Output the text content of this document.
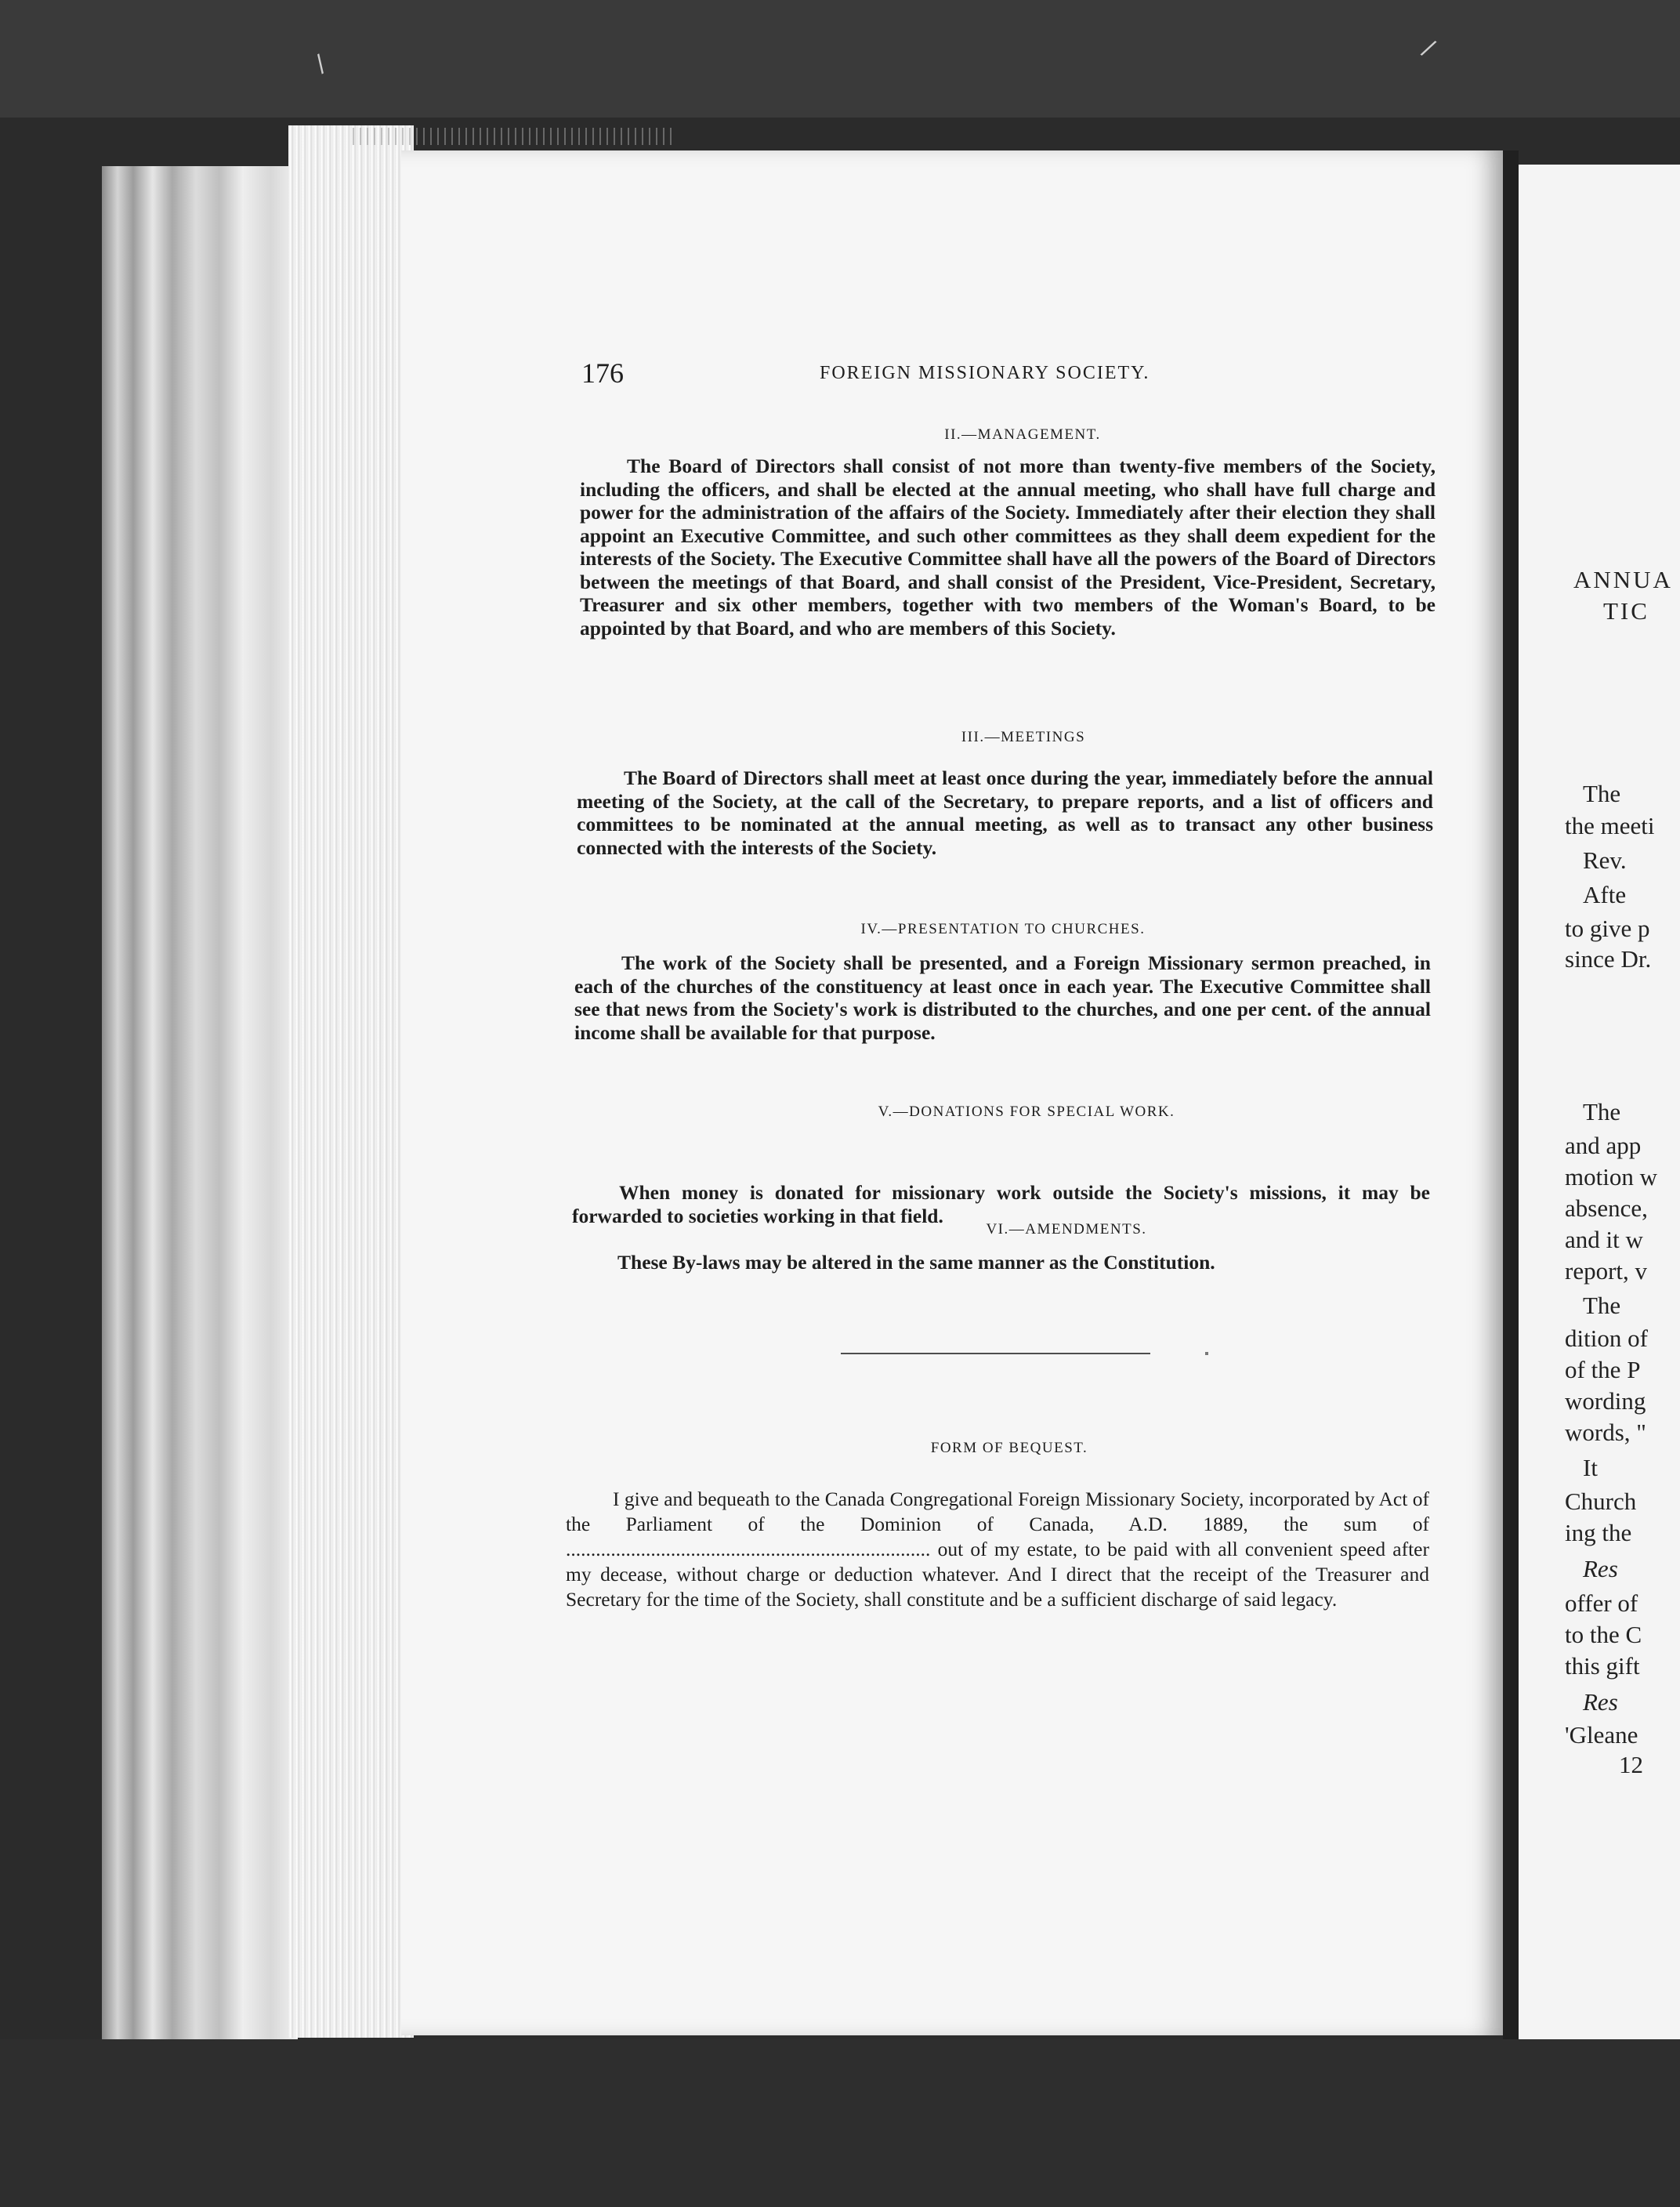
/
/
ANNUA
TIC
The
the meeti
Rev.
Afte
to give p
since Dr.
The
and app
motion w
absence,
and it w
report, v
The
dition of
of the P
wording
words, "
It
Church
ing the
Res
offer of
to the C
this gift
Res
'Gleane
12
176	FOREIGN MISSIONARY SOCIETY.
II.—MANAGEMENT.

The Board of Directors shall consist of not more than twenty-five members of the Society, including the officers, and shall be elected at the annual meeting, who shall have full charge and power for the administration of the affairs of the Society. Immediately after their election they shall appoint an Executive Committee, and such other committees as they shall deem expedient for the interests of the Society. The Executive Committee shall have all the powers of the Board of Directors between the meetings of that Board, and shall consist of the President, Vice-President, Secretary, Treasurer and six other members, together with two members of the Woman's Board, to be appointed by that Board, and who are members of this Society.

III.—MEETINGS

The Board of Directors shall meet at least once during the year, immediately before the annual meeting of the Society, at the call of the Secretary, to prepare reports, and a list of officers and committees to be nominated at the annual meeting, as well as to transact any other business connected with the interests of the Society.

IV.—PRESENTATION TO CHURCHES.

The work of the Society shall be presented, and a Foreign Missionary sermon preached, in each of the churches of the constituency at least once in each year. The Executive Committee shall see that news from the Society's work is distributed to the churches, and one per cent. of the annual income shall be available for that purpose.

V.—DONATIONS FOR SPECIAL WORK.

When money is donated for missionary work outside the Society's missions, it may be forwarded to societies working in that field.

VI.—AMENDMENTS.

These By-laws may be altered in the same manner as the Constitution.

FORM OF BEQUEST.

I give and bequeath to the Canada Congregational Foreign Missionary Society, incorporated by Act of the Parliament of the Dominion of Canada, A.D. 1889, the sum of ......................................................................... out of my estate, to be paid with all convenient speed after my decease, without charge or deduction whatever. And I direct that the receipt of the Treasurer and Secretary for the time of the Society, shall constitute and be a sufficient discharge of said legacy.
